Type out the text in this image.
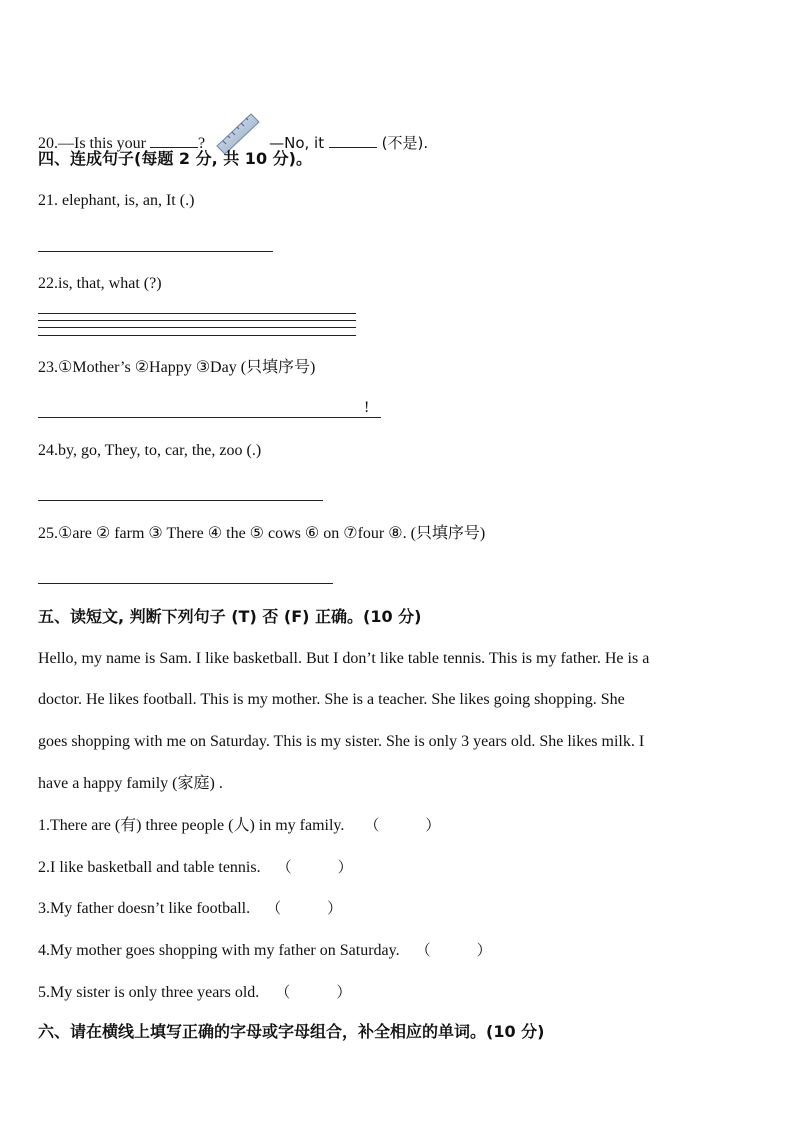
20.—Is this your	?	—No, it	(不是).
四、连成句子(每题 2 分, 共 10 分)。
21. elephant, is, an, It (.)
22.is, that, what (?)
23.①Mother’s ②Happy ③Day (只填序号)
!
24.by, go, They, to, car, the, zoo (.)
25.①are ② farm ③ There ④ the ⑤ cows ⑥ on ⑦four ⑧. (只填序号)
五、读短文, 判断下列句子 (T) 否 (F) 正确。(10 分)
Hello, my name is Sam. I like basketball. But I don’t like table tennis. This is my father. He is a
doctor. He likes football. This is my mother. She is a teacher. She likes going shopping. She
goes shopping with me on Saturday. This is my sister. She is only 3 years old. She likes milk. I
have a happy family (家庭) .
1.There are (有) three people (人) in my family. （	）
2.I like basketball and table tennis. （	）
3.My father doesn’t like football. （	）
4.My mother goes shopping with my father on Saturday. （	）
5.My sister is only three years old. （	）
六、请在横线上填写正确的字母或字母组合，补全相应的单词。(10 分)
